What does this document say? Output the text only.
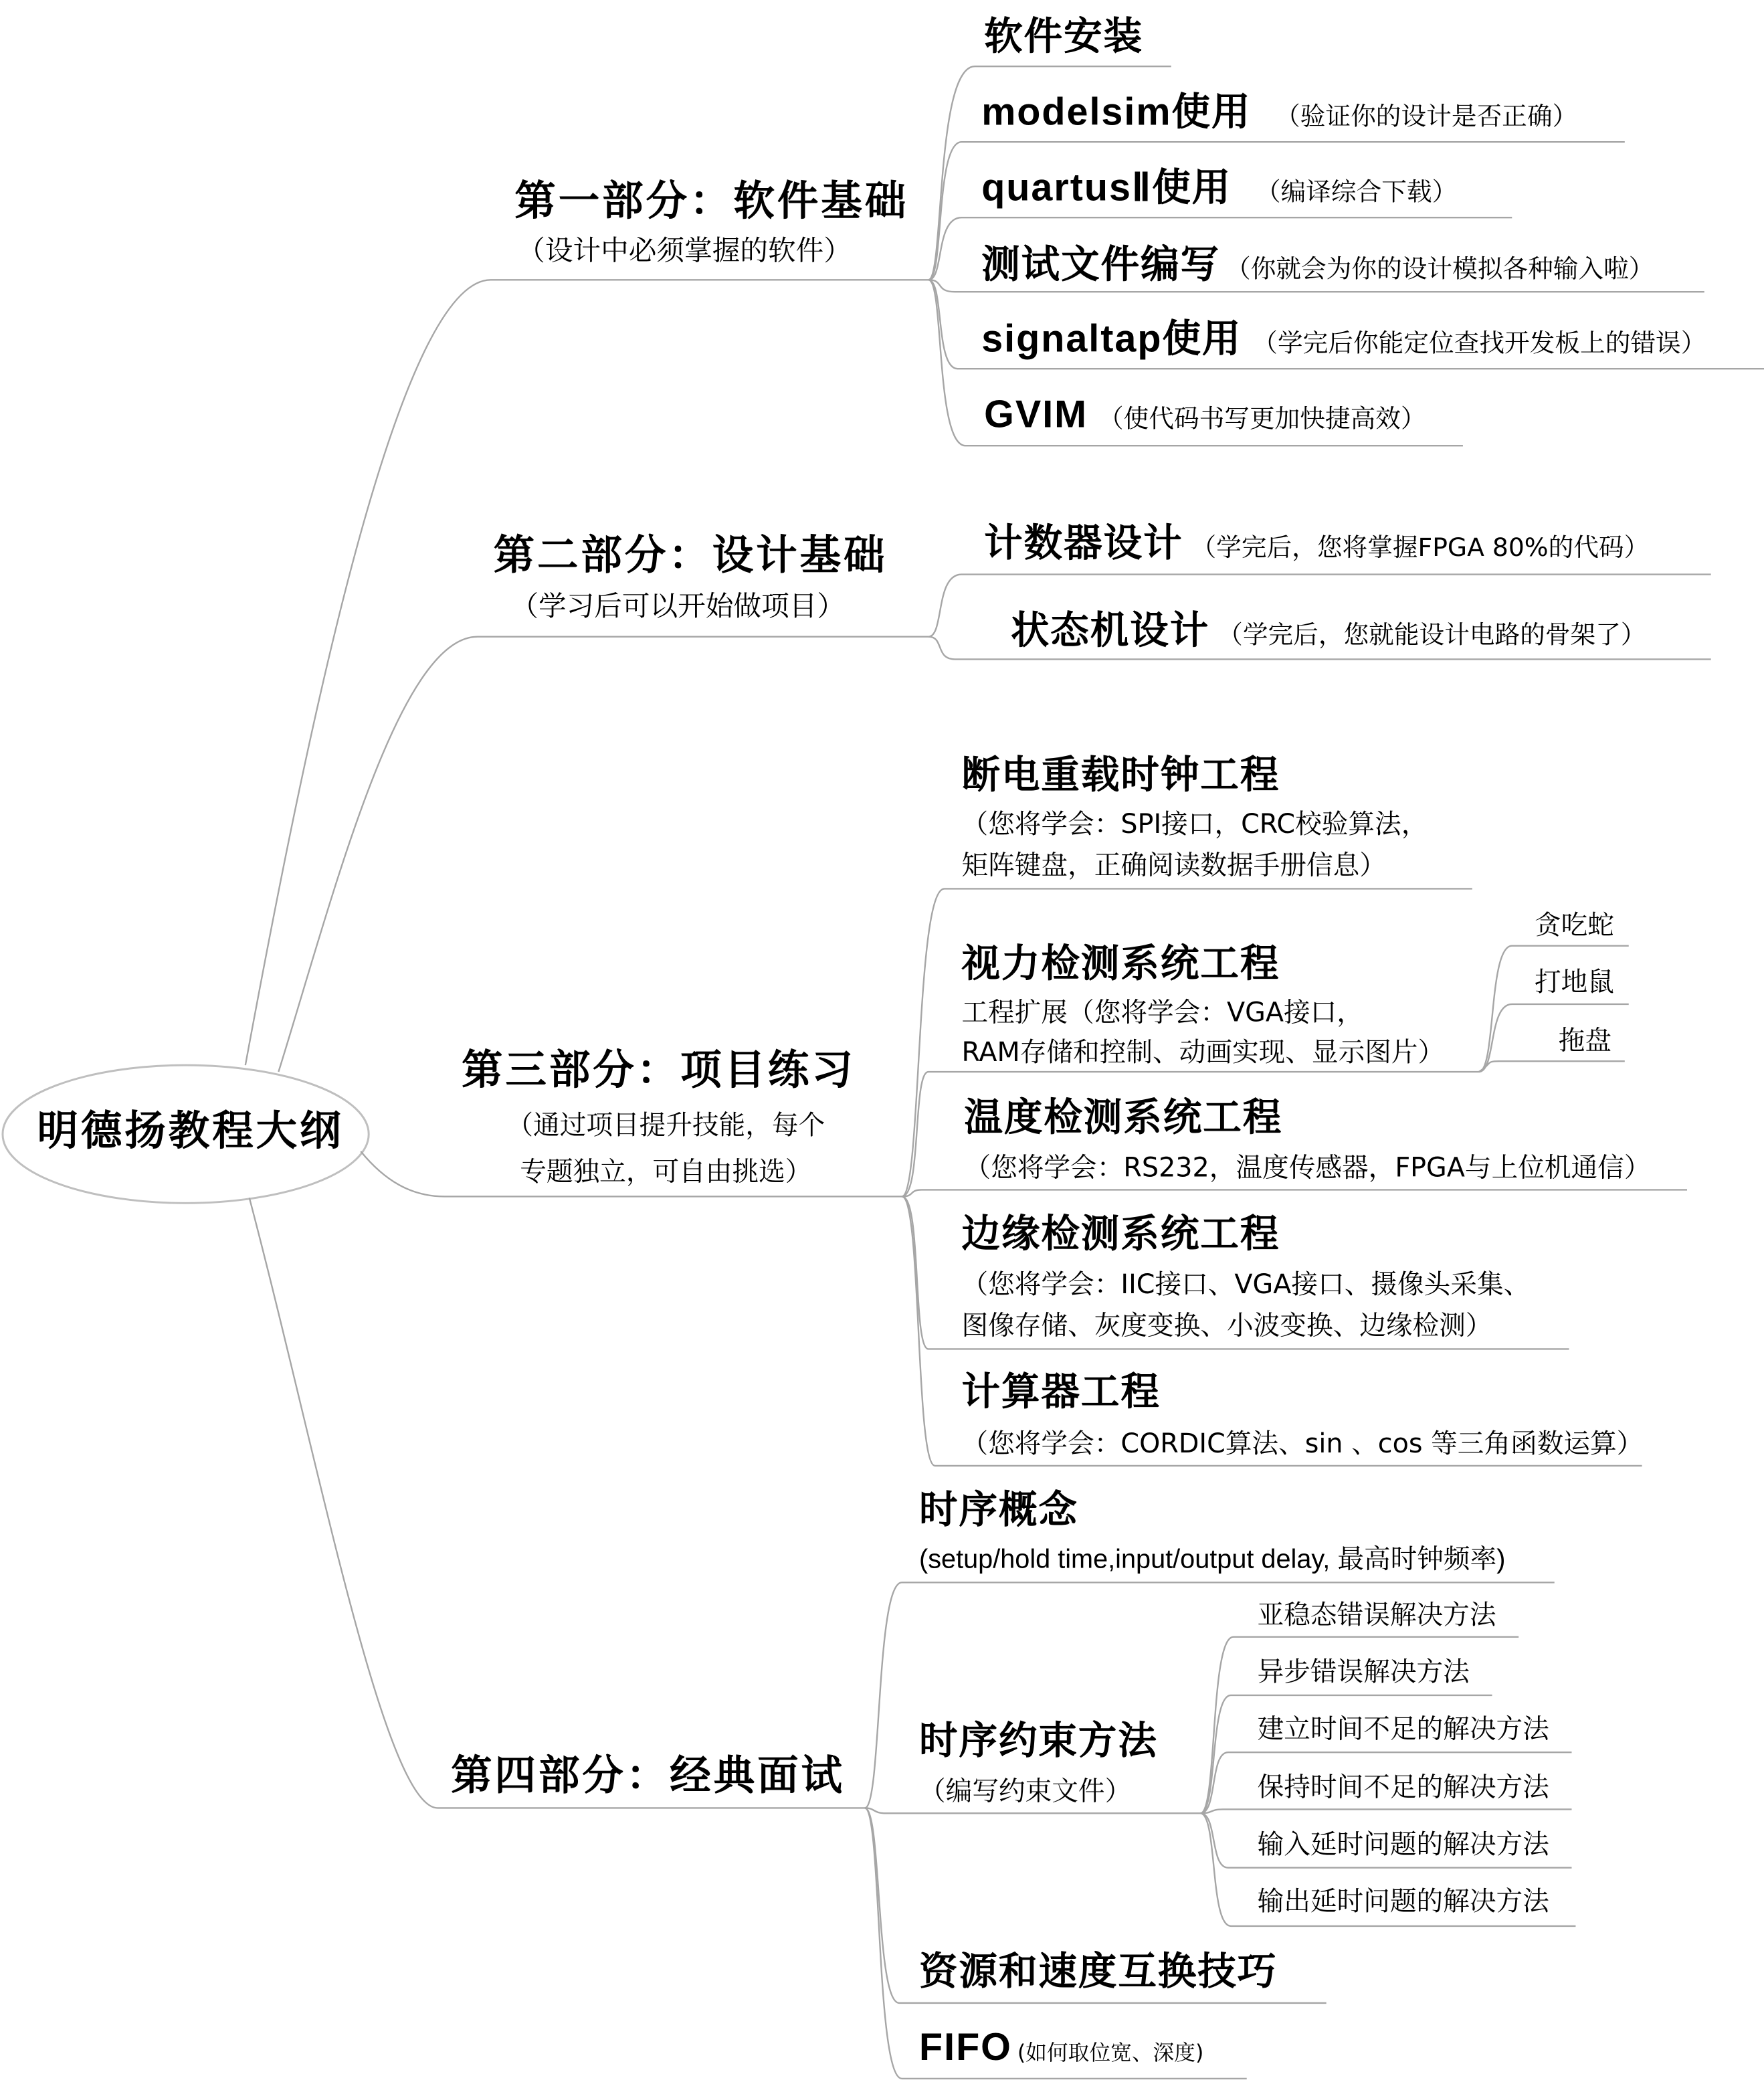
明德扬教程大纲
第一部分：软件基础
（设计中必须掌握的软件）
软件安装
modelsim使用 （验证你的设计是否正确）
quartusⅡ使用 （编译综合下载）
测试文件编写 （你就会为你的设计模拟各种输入啦）
signaltap使用 （学完后你能定位查找开发板上的错误）
GVIM （使代码书写更加快捷高效）
第二部分：设计基础
（学习后可以开始做项目）
计数器设计 （学完后，您将掌握FPGA 80%的代码）
状态机设计 （学完后，您就能设计电路的骨架了）
第三部分：项目练习
（通过项目提升技能，每个
专题独立，可自由挑选）
断电重载时钟工程
（您将学会：SPI接口，CRC校验算法，
矩阵键盘，正确阅读数据手册信息）
视力检测系统工程
工程扩展（您将学会：VGA接口，
RAM存储和控制、动画实现、显示图片）
贪吃蛇
打地鼠
拖盘
温度检测系统工程
（您将学会：RS232，温度传感器，FPGA与上位机通信）
边缘检测系统工程
（您将学会：IIC接口、VGA接口、摄像头采集、
图像存储、灰度变换、小波变换、边缘检测）
计算器工程
（您将学会：CORDIC算法、sin 、cos 等三角函数运算）
第四部分：经典面试
时序概念
(setup/hold time,input/output delay, 最高时钟频率)
时序约束方法
（编写约束文件）
亚稳态错误解决方法
异步错误解决方法
建立时间不足的解决方法
保持时间不足的解决方法
输入延时问题的解决方法
输出延时问题的解决方法
资源和速度互换技巧
FIFO (如何取位宽、深度)
